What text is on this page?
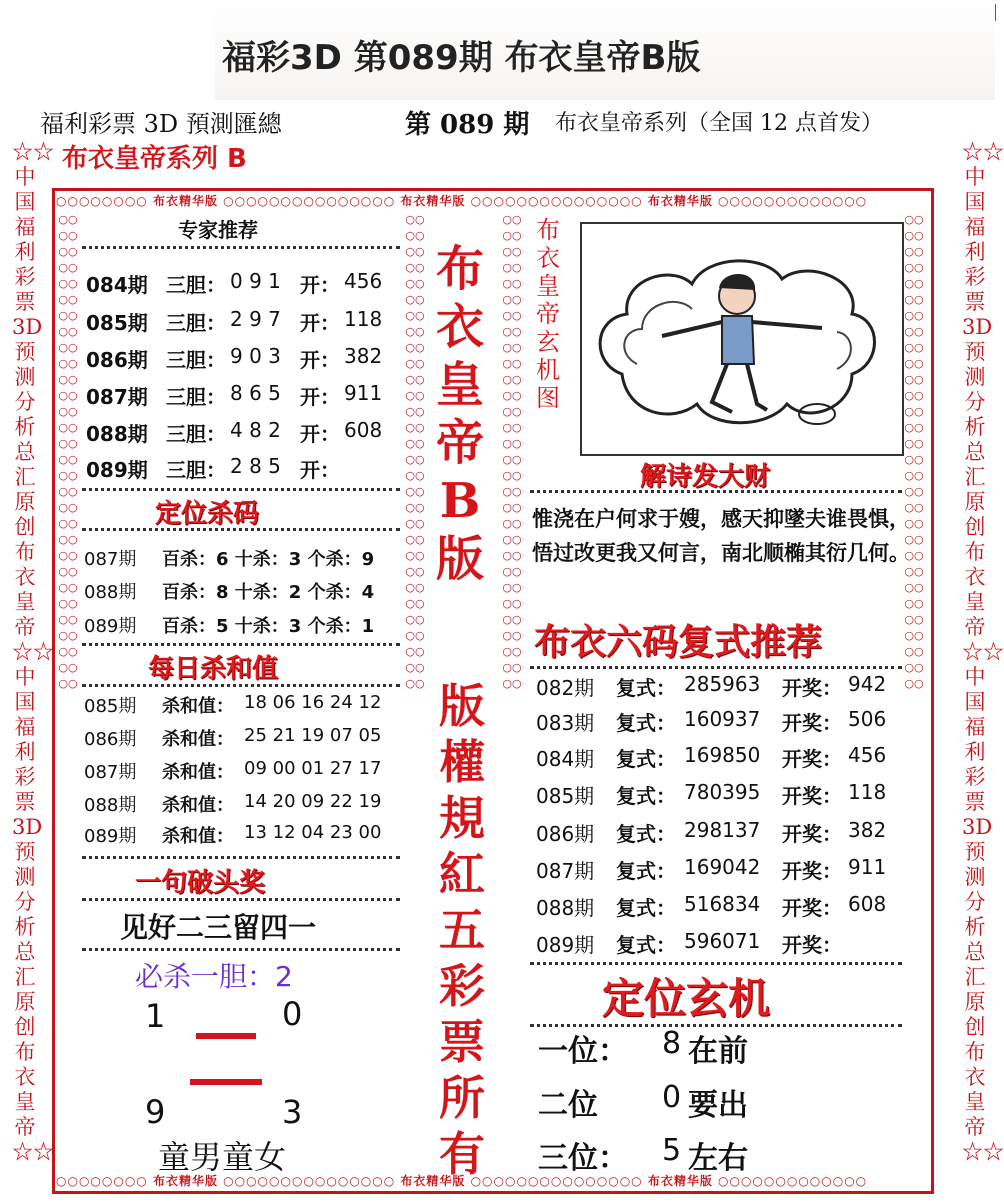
福彩3D 第089期 布衣皇帝B版
福利彩票 3D 預測匯總	第 089 期 布衣皇帝系列（全国 12 点首发）
布衣皇帝系列 B
☆☆中国福利彩票3D预测分析总汇原创布衣皇帝☆☆中国福利彩票3D预测分析总汇原创布衣皇帝☆☆
☆☆中国福利彩票3D预测分析总汇原创布衣皇帝☆☆中国福利彩票3D预测分析总汇原创布衣皇帝☆☆
○○○○○○○○ 布衣精华版 ○○○○○○○○○○○○○○○ 布衣精华版 ○○○○○○○○○○○○○○○ 布衣精华版 ○○○○○○○○○○○○○
○○○○○○○○ 布衣精华版 ○○○○○○○○○○○○○○○ 布衣精华版 ○○○○○○○○○○○○○○○ 布衣精华版 ○○○○○○○○○○○○○
○○○○○○○○○○○○○○○○○○○○○○○○○○○○○○○○○○○○○○○○○○○○○○○○○○○○○○○○○○○○
○○○○○○○○○○○○○○○○○○○○○○○○○○○○○○○○○○○○○○○○○○○○○○○○○○○○○○○○○○○○
○○○○○○○○○○○○○○○○○○○○○○○○○○○○○○○○○○○○○○○○○○○○○○○○○○○○○○○○○○○○
○○○○○○○○○○○○○○○○○○○○○○○○○○○○○○○○○○○○○○○○○○○○○○○○○○○○○○○○○○○○
专家推荐
084期 三胆： 0 9 1 开： 456
085期 三胆： 2 9 7 开： 118
086期 三胆： 9 0 3 开： 382
087期 三胆： 8 6 5 开： 911
088期 三胆： 4 8 2 开： 608
089期 三胆： 2 8 5 开：
定位杀码
087期 百杀：6 十杀：3 个杀：9
088期 百杀：8 十杀：2 个杀：4
089期 百杀：5 十杀：3 个杀：1
每日杀和值
085期 杀和值： 18 06 16 24 12
086期 杀和值： 25 21 19 07 05
087期 杀和值： 09 00 01 27 17
088期 杀和值： 14 20 09 22 19
089期 杀和值： 13 12 04 23 00
一句破头奖
见好二三留四一
必杀一胆：2
1	0
9	3
童男童女
布衣皇帝B版
版權規紅五彩票所有
布衣皇帝玄机图
解诗发大财
惟浇在户何求于嫂，感天抑墜夫谁畏惧，悟过改更我又何言，南北顺椭其衍几何。
布衣六码复式推荐
082期 复式： 285963 开奖： 942
083期 复式： 160937 开奖： 506
084期 复式： 169850 开奖： 456
085期 复式： 780395 开奖： 118
086期 复式： 298137 开奖： 382
087期 复式： 169042 开奖： 911
088期 复式： 516834 开奖： 608
089期 复式： 596071 开奖：
定位玄机
一位： 8 在前
二位 0 要出
三位： 5 左右
